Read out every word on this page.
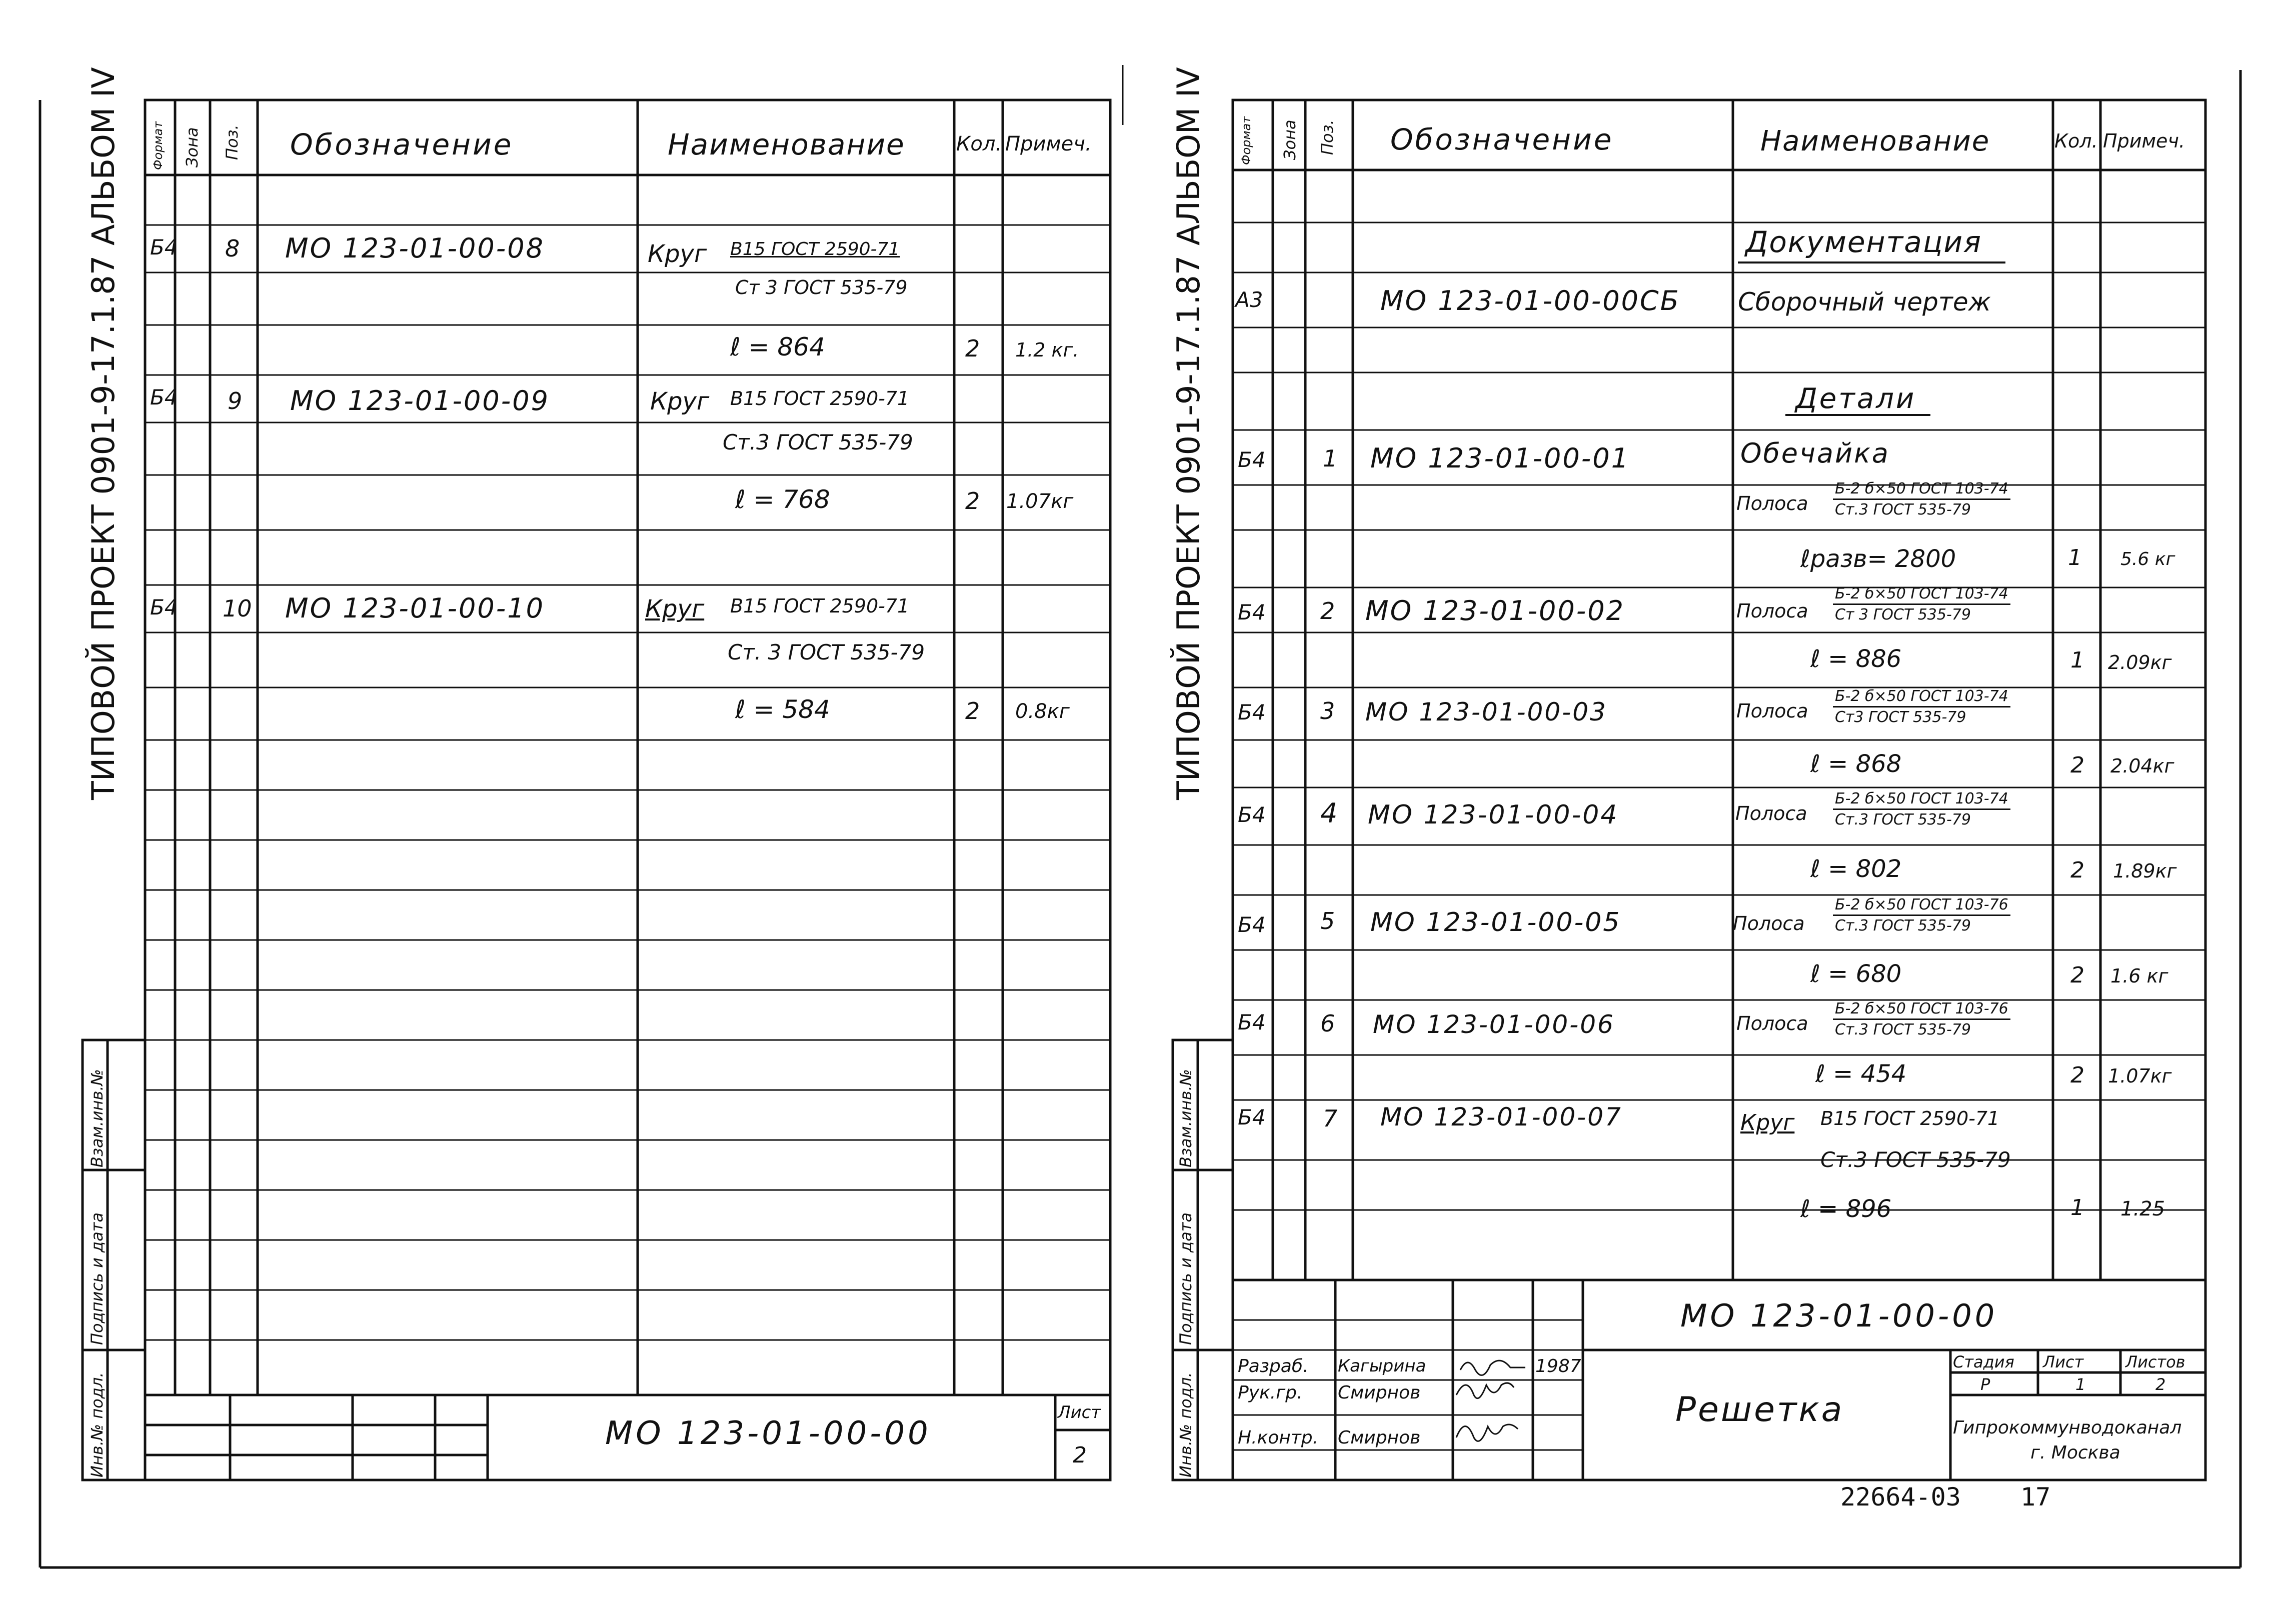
ТИПОВОЙ ПРОЕКТ 0901-9-17.1.87 АЛЬБОМ IV	ТИПОВОЙ ПРОЕКТ 0901-9-17.1.87 АЛЬБОМ IV
Инв.№ подл.
Подпись и дата
Взам.инв.№
Инв.№ подл.
Подпись и дата
Взам.инв.№
Формат Зона Поз. Обозначение	Наименование	Кол. Примеч.
Б4 8 МО 123-01-00-08	Круг В15 ГОСТ 2590-71
Ст 3 ГОСТ 535-79
ℓ = 864	2 1.2 кг.
Б4 9 МО 123-01-00-09	Круг В15 ГОСТ 2590-71
Ст.3 ГОСТ 535-79
ℓ = 768	2 1.07кг
Б4 10 МО 123-01-00-10	Круг В15 ГОСТ 2590-71
Ст. 3 ГОСТ 535-79
ℓ = 584	2 0.8кг
МО 123-01-00-00
Лист
2
Формат Зона Поз. Обозначение	Наименование	Кол. Примеч.
Документация
А3	МО 123-01-00-00СБ Сборочный чертеж
Детали
Б4 1 МО 123-01-00-01	Обечайка
Полоса
Б-2 б×50 ГОСТ 103-74
Ст.3 ГОСТ 535-79
ℓразв= 2800	1 5.6 кг
Б4 2 МО 123-01-00-02	Полоса
Б-2 б×50 ГОСТ 103-74
Ст 3 ГОСТ 535-79
ℓ = 886	1 2.09кг
Б4 3 МО 123-01-00-03	Полоса
Б-2 б×50 ГОСТ 103-74
Ст3 ГОСТ 535-79
ℓ = 868	2 2.04кг
Б4 4 МО 123-01-00-04	Полоса
Б-2 б×50 ГОСТ 103-74
Ст.3 ГОСТ 535-79
ℓ = 802	2 1.89кг
Б4 5 МО 123-01-00-05	Полоса
Б-2 б×50 ГОСТ 103-76
Ст.3 ГОСТ 535-79
ℓ = 680	2 1.6 кг
Б4 6 МО 123-01-00-06	Полоса
Б-2 б×50 ГОСТ 103-76
Ст.3 ГОСТ 535-79
ℓ = 454	2 1.07кг
Б4 7 МО 123-01-00-07	Круг В15 ГОСТ 2590-71
Ст.3 ГОСТ 535-79
ℓ = 896	1 1.25
МО 123-01-00-00
Решетка
Разраб. Кагырина	1987
Рук.гр. Смирнов
Н.контр. Смирнов
Стадия Лист	Листов
Р	1	2
Гипрокоммунводоканал
г. Москва
22664-03 17
